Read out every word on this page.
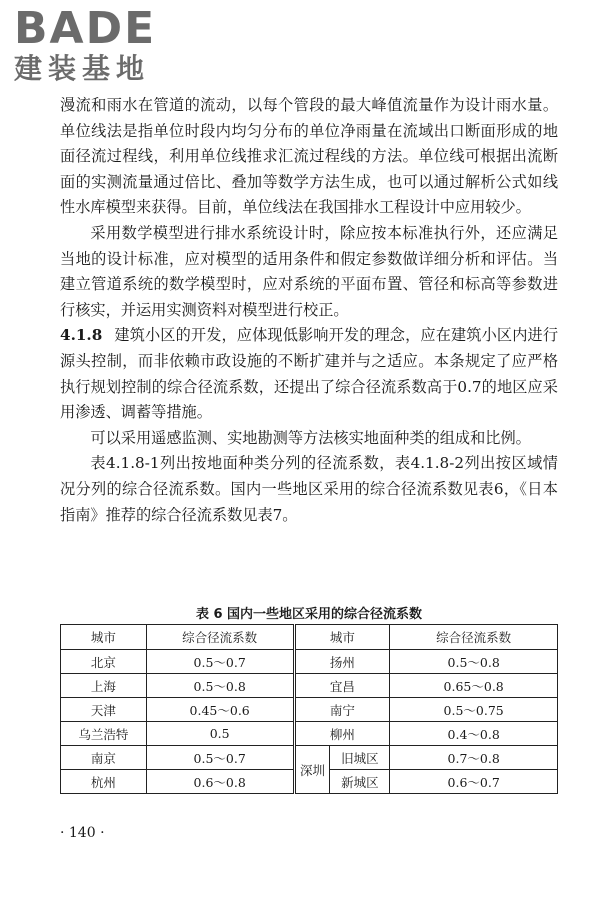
BADE
建装基地

漫流和雨水在管道的流动，以每个管段的最大峰值流量作为设计雨水量。单位线法是指单位时段内均匀分布的单位净雨量在流域出口断面形成的地面径流过程线，利用单位线推求汇流过程线的方法。单位线可根据出流断面的实测流量通过倍比、叠加等数学方法生成，也可以通过解析公式如线性水库模型来获得。目前，单位线法在我国排水工程设计中应用较少。

采用数学模型进行排水系统设计时，除应按本标准执行外，还应满足当地的设计标准，应对模型的适用条件和假定参数做详细分析和评估。当建立管道系统的数学模型时，应对系统的平面布置、管径和标高等参数进行核实，并运用实测资料对模型进行校正。

4.1.8 建筑小区的开发，应体现低影响开发的理念，应在建筑小区内进行源头控制，而非依赖市政设施的不断扩建并与之适应。本条规定了应严格执行规划控制的综合径流系数，还提出了综合径流系数高于0.7的地区应采用渗透、调蓄等措施。

可以采用遥感监测、实地勘测等方法核实地面种类的组成和比例。

表4.1.8-1列出按地面种类分列的径流系数，表4.1.8-2列出按区域情况分列的综合径流系数。国内一些地区采用的综合径流系数见表6，《日本指南》推荐的综合径流系数见表7。

表 6 国内一些地区采用的综合径流系数
城市	综合径流系数	城市		综合径流系数
北京	0.5～0.7	扬州		0.5～0.8
上海	0.5～0.8	宜昌		0.65～0.8
天津	0.45～0.6	南宁		0.5～0.75
乌兰浩特	0.5	柳州		0.4～0.8
南京	0.5～0.7	深圳	旧城区	0.7～0.8
杭州	0.6～0.8		新城区	0.6～0.7
· 140 ·
